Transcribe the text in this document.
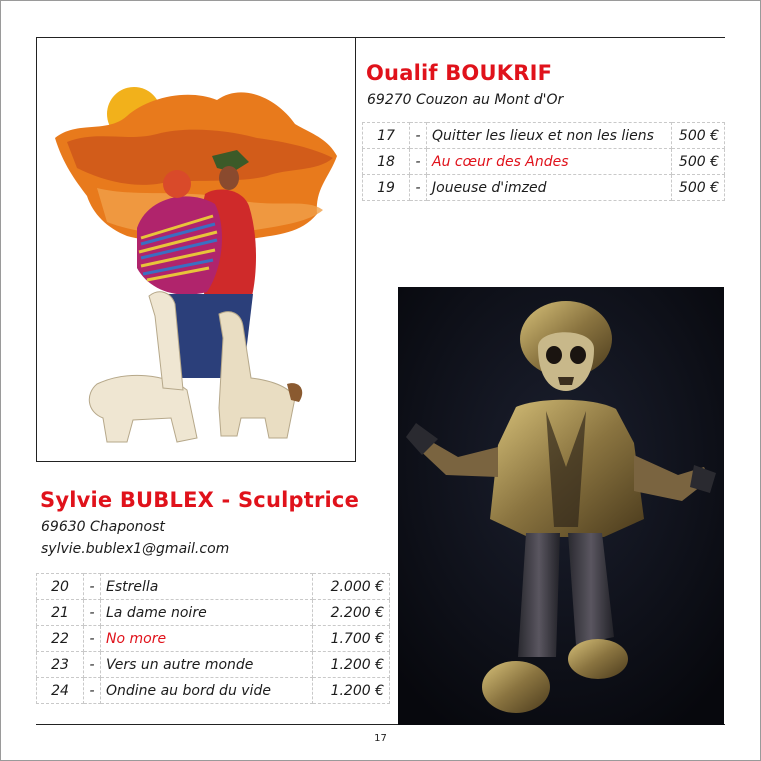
Oualif BOUKRIF
69270 Couzon au Mont d'Or
17	-	Quitter les lieux et non les liens	500 €
18	-	Au cœur des Andes	500 €
19	-	Joueuse d'imzed	500 €
Sylvie BUBLEX - Sculptrice
69630 Chaponost
sylvie.bublex1@gmail.com
20	-	Estrella	2.000 €
21	-	La dame noire	2.200 €
22	-	No more	1.700 €
23	-	Vers un autre monde	1.200 €
24	-	Ondine au bord du vide	1.200 €
17
